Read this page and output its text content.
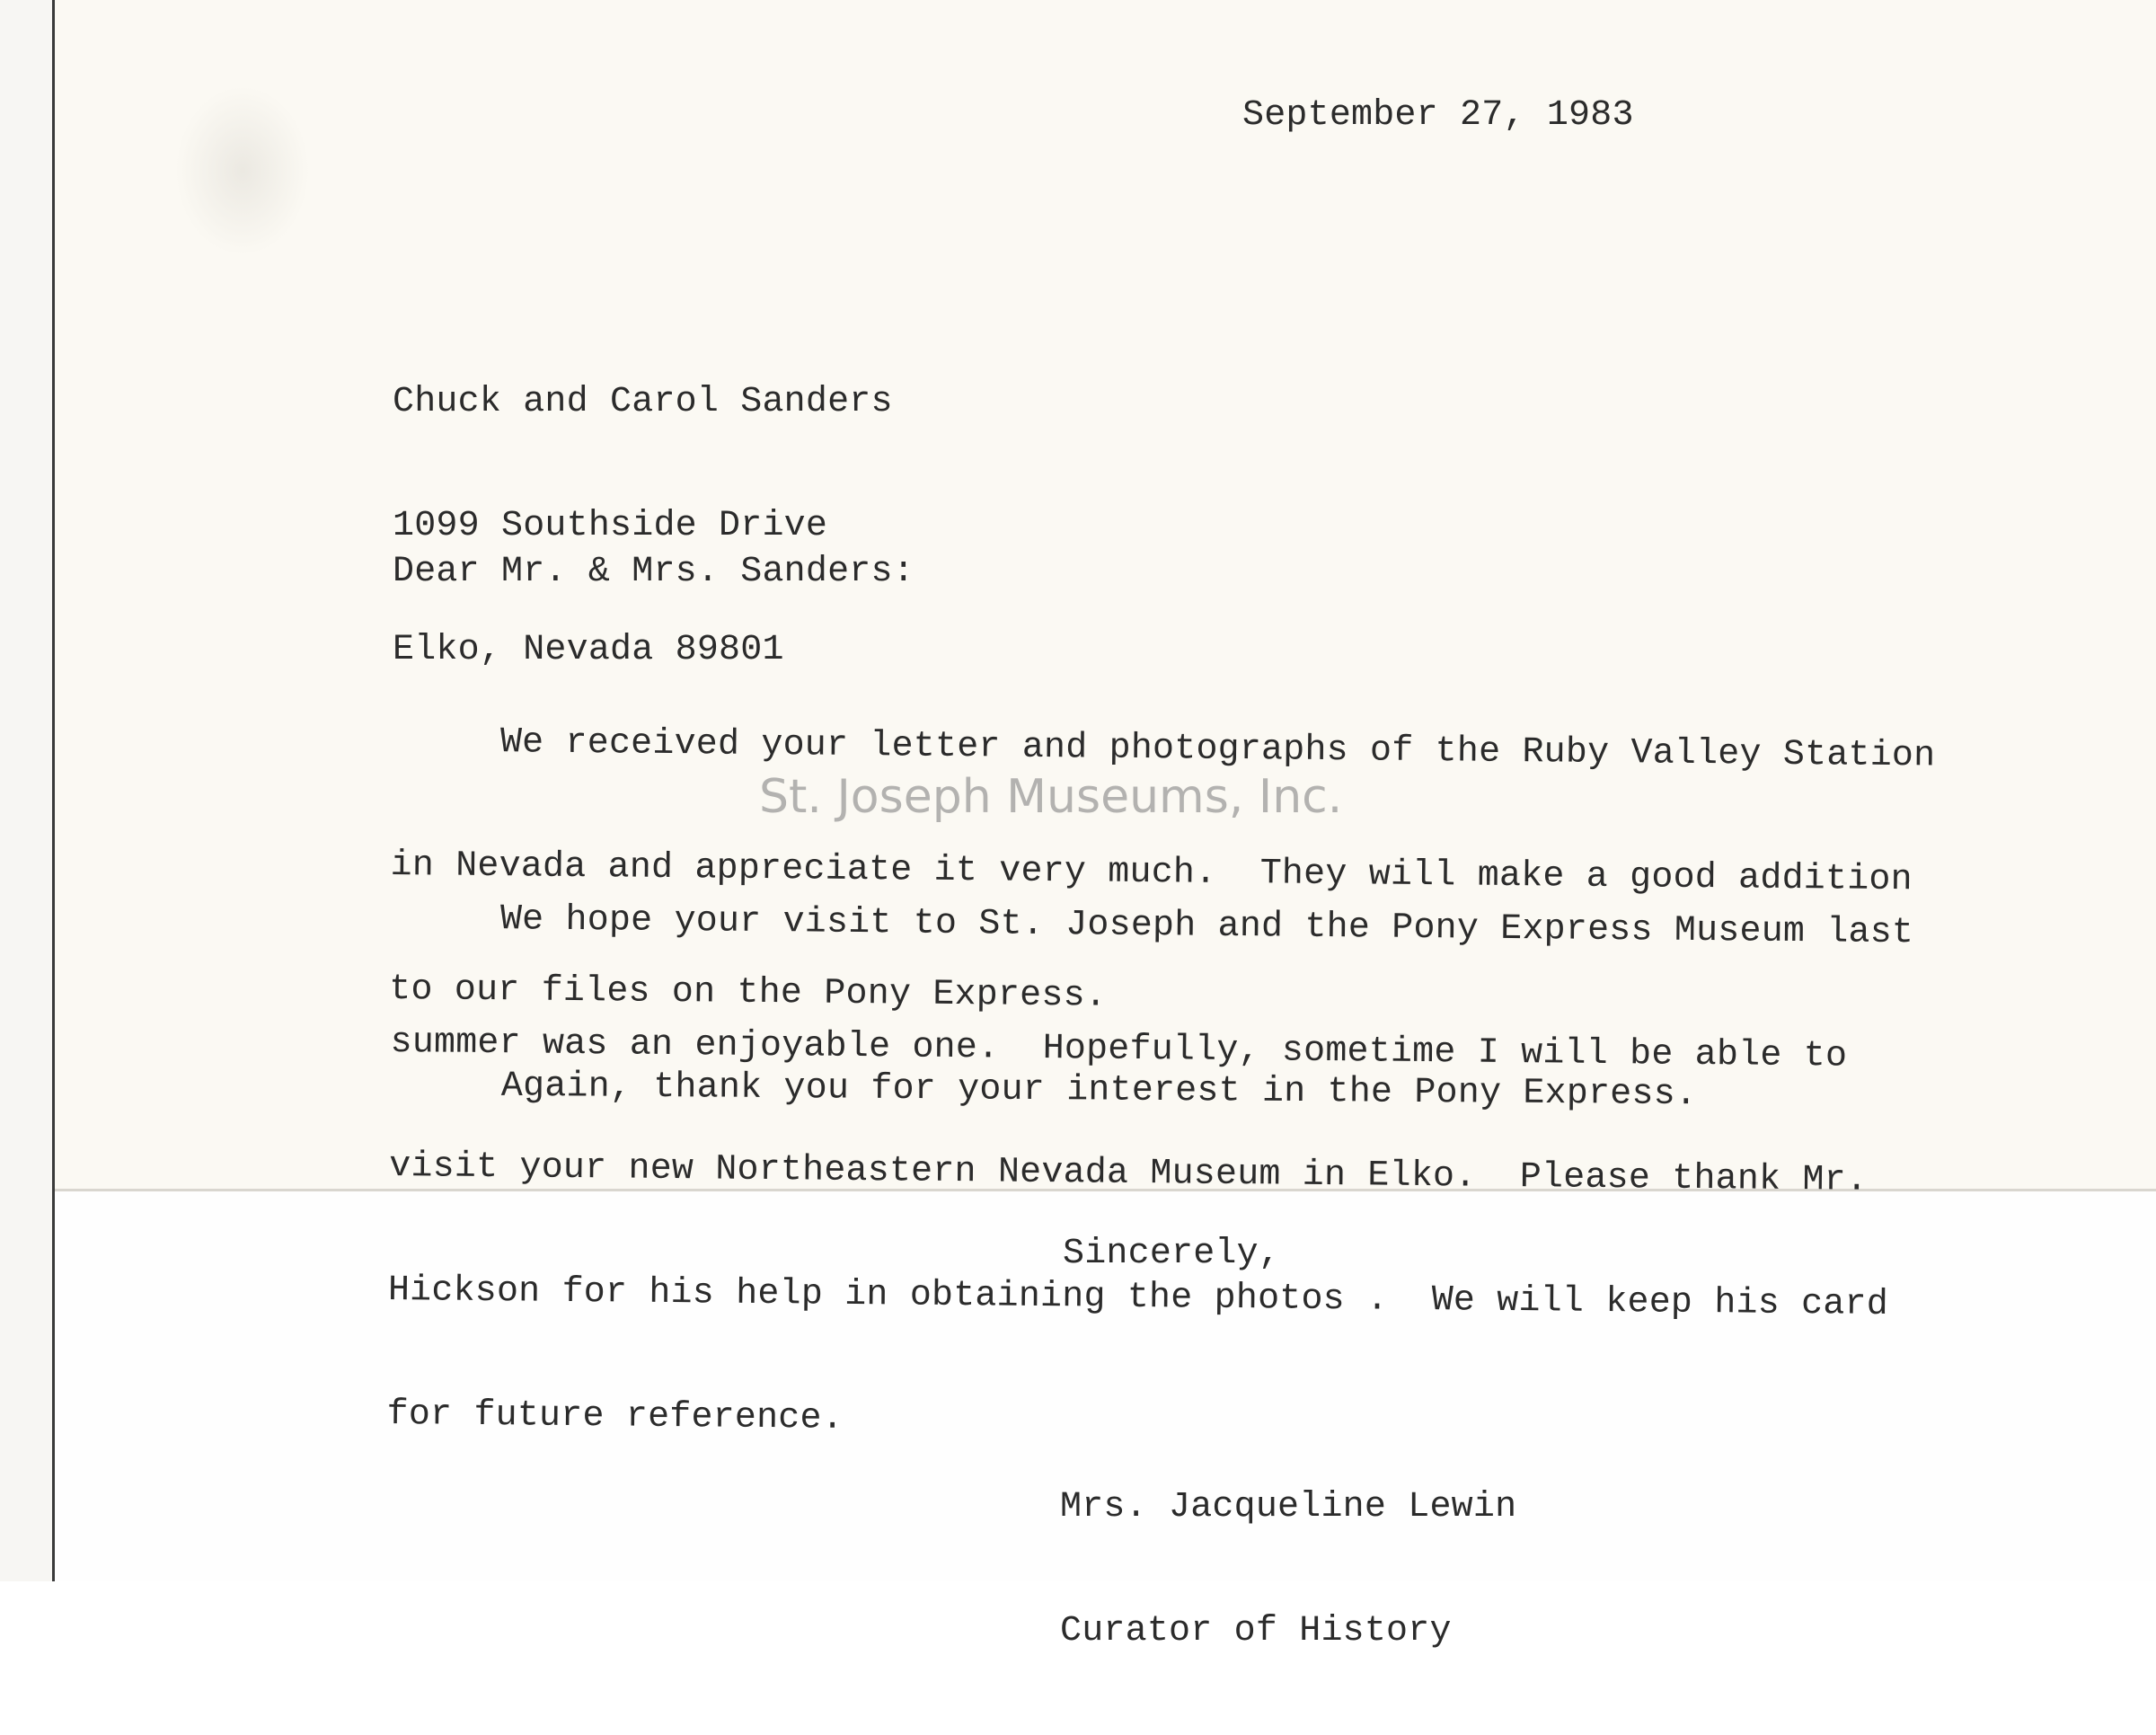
September 27, 1983

Chuck and Carol Sanders

1099 Southside Drive

Elko, Nevada 89801

Dear Mr. & Mrs. Sanders:

We received your letter and photographs of the Ruby Valley Station

in Nevada and appreciate it very much.  They will make a good addition

to our files on the Pony Express.

We hope your visit to St. Joseph and the Pony Express Museum last

summer was an enjoyable one.  Hopefully, sometime I will be able to

visit your new Northeastern Nevada Museum in Elko.  Please thank Mr.

Hickson for his help in obtaining the photos .  We will keep his card

for future reference.

Again, thank you for your interest in the Pony Express.
St. Joseph Museums, Inc.
Sincerely,

Mrs. Jacqueline Lewin

Curator of History
